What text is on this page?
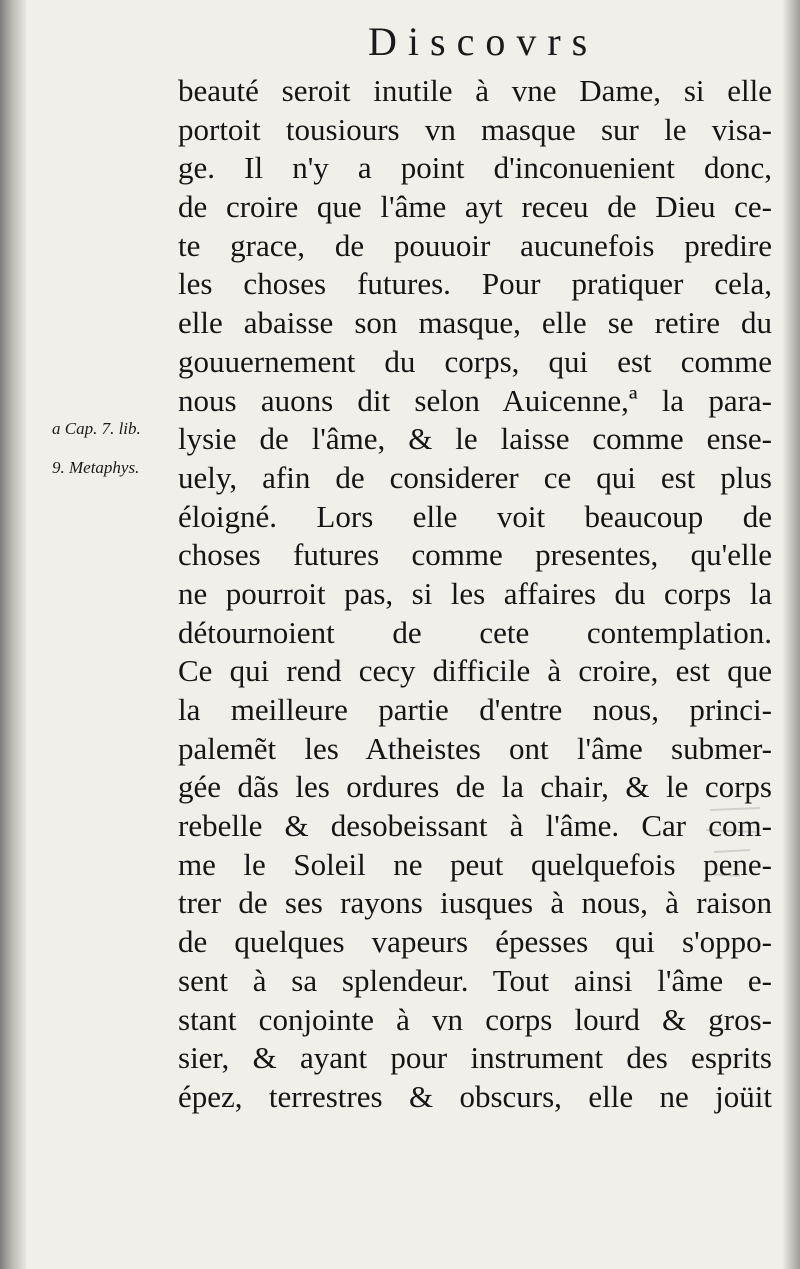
Discovrs
a Cap. 7. lib.
9. Metaphys.
beauté seroit inutile à vne Dame, si elle
portoit tousiours vn masque sur le visa-
ge. Il n'y a point d'inconuenient donc,
de croire que l'âme ayt receu de Dieu ce-
te grace, de pouuoir aucunefois predire
les choses futures. Pour pratiquer cela,
elle abaisse son masque, elle se retire du
gouuernement du corps, qui est comme
nous auons dit selon Auicenne,ª la para-
lysie de l'âme, & le laisse comme ense-
uely, afin de considerer ce qui est plus
éloigné. Lors elle voit beaucoup de
choses futures comme presentes, qu'elle
ne pourroit pas, si les affaires du corps la
détournoient de cete contemplation.
Ce qui rend cecy difficile à croire, est que
la meilleure partie d'entre nous, princi-
palemẽt les Atheistes ont l'âme submer-
gée dãs les ordures de la chair, & le corps
rebelle & desobeissant à l'âme. Car com-
me le Soleil ne peut quelquefois pene-
trer de ses rayons iusques à nous, à raison
de quelques vapeurs épesses qui s'oppo-
sent à sa splendeur. Tout ainsi l'âme e-
stant conjointe à vn corps lourd & gros-
sier, & ayant pour instrument des esprits
épez, terrestres & obscurs, elle ne joüit
